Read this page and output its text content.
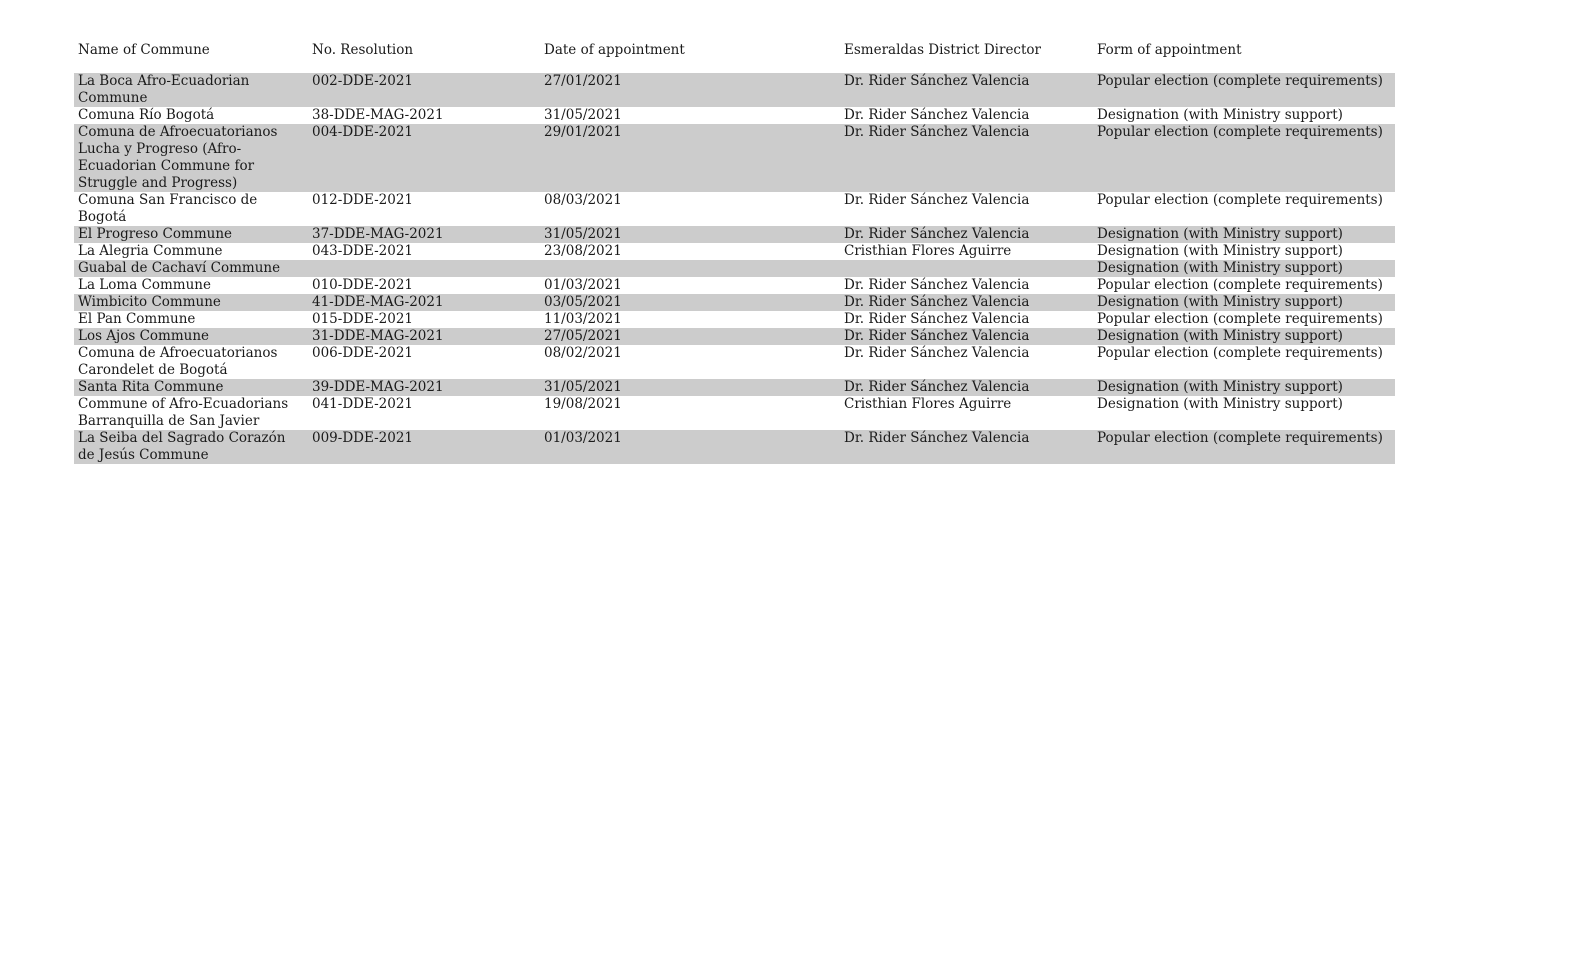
Name of Commune	No. Resolution	Date of appointment	Esmeraldas District Director	Form of appointment
La Boca Afro-Ecuadorian Commune	002-DDE-2021	27/01/2021	Dr. Rider Sánchez Valencia	Popular election (complete requirements)
Comuna Río Bogotá	38-DDE-MAG-2021	31/05/2021	Dr. Rider Sánchez Valencia	Designation (with Ministry support)
Comuna de Afroecuatorianos Lucha y Progreso (Afro-Ecuadorian Commune for Struggle and Progress)	004-DDE-2021	29/01/2021	Dr. Rider Sánchez Valencia	Popular election (complete requirements)
Comuna San Francisco de Bogotá	012-DDE-2021	08/03/2021	Dr. Rider Sánchez Valencia	Popular election (complete requirements)
El Progreso Commune	37-DDE-MAG-2021	31/05/2021	Dr. Rider Sánchez Valencia	Designation (with Ministry support)
La Alegria Commune	043-DDE-2021	23/08/2021	Cristhian Flores Aguirre	Designation (with Ministry support)
Guabal de Cachaví Commune				Designation (with Ministry support)
La Loma Commune	010-DDE-2021	01/03/2021	Dr. Rider Sánchez Valencia	Popular election (complete requirements)
Wimbicito Commune	41-DDE-MAG-2021	03/05/2021	Dr. Rider Sánchez Valencia	Designation (with Ministry support)
El Pan Commune	015-DDE-2021	11/03/2021	Dr. Rider Sánchez Valencia	Popular election (complete requirements)
Los Ajos Commune	31-DDE-MAG-2021	27/05/2021	Dr. Rider Sánchez Valencia	Designation (with Ministry support)
Comuna de Afroecuatorianos Carondelet de Bogotá	006-DDE-2021	08/02/2021	Dr. Rider Sánchez Valencia	Popular election (complete requirements)
Santa Rita Commune	39-DDE-MAG-2021	31/05/2021	Dr. Rider Sánchez Valencia	Designation (with Ministry support)
Commune of Afro-Ecuadorians Barranquilla de San Javier	041-DDE-2021	19/08/2021	Cristhian Flores Aguirre	Designation (with Ministry support)
La Seiba del Sagrado Corazón de Jesús Commune	009-DDE-2021	01/03/2021	Dr. Rider Sánchez Valencia	Popular election (complete requirements)
